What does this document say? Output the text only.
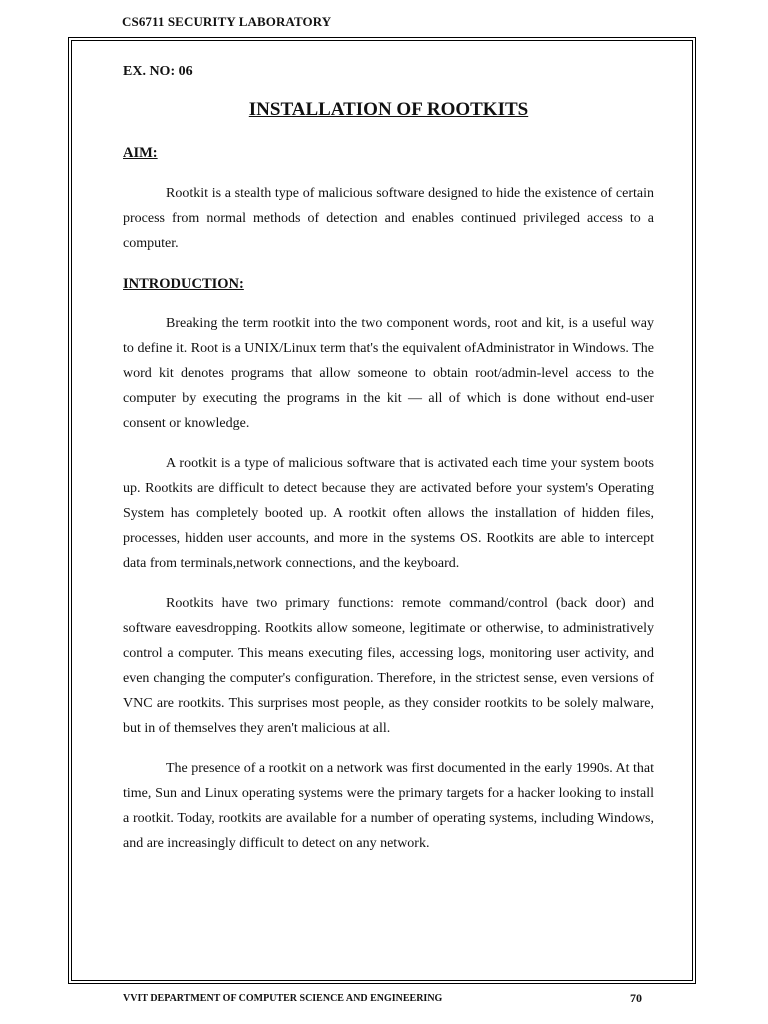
CS6711 SECURITY LABORATORY

EX. NO: 06

INSTALLATION OF ROOTKITS

AIM:

Rootkit is a stealth type of malicious software designed to hide the existence of certain process from normal methods of detection and enables continued privileged access to a computer.

INTRODUCTION:

Breaking the term rootkit into the two component words, root and kit, is a useful way to define it. Root is a UNIX/Linux term that's the equivalent ofAdministrator in Windows. The word kit denotes programs that allow someone to obtain root/admin-level access to the computer by executing the programs in the kit — all of which is done without end-user consent or knowledge.

A rootkit is a type of malicious software that is activated each time your system boots up. Rootkits are difficult to detect because they are activated before your system's Operating System has completely booted up. A rootkit often allows the installation of hidden files, processes, hidden user accounts, and more in the systems OS. Rootkits are able to intercept data from terminals,network connections, and the keyboard.

Rootkits have two primary functions: remote command/control (back door) and software eavesdropping. Rootkits allow someone, legitimate or otherwise, to administratively control a computer. This means executing files, accessing logs, monitoring user activity, and even changing the computer's configuration. Therefore, in the strictest sense, even versions of VNC are rootkits. This surprises most people, as they consider rootkits to be solely malware, but in of themselves they aren't malicious at all.

The presence of a rootkit on a network was first documented in the early 1990s. At that time, Sun and Linux operating systems were the primary targets for a hacker looking to install a rootkit. Today, rootkits are available for a number of operating systems, including Windows, and are increasingly difficult to detect on any network.

VVIT DEPARTMENT OF COMPUTER SCIENCE AND ENGINEERING	70
